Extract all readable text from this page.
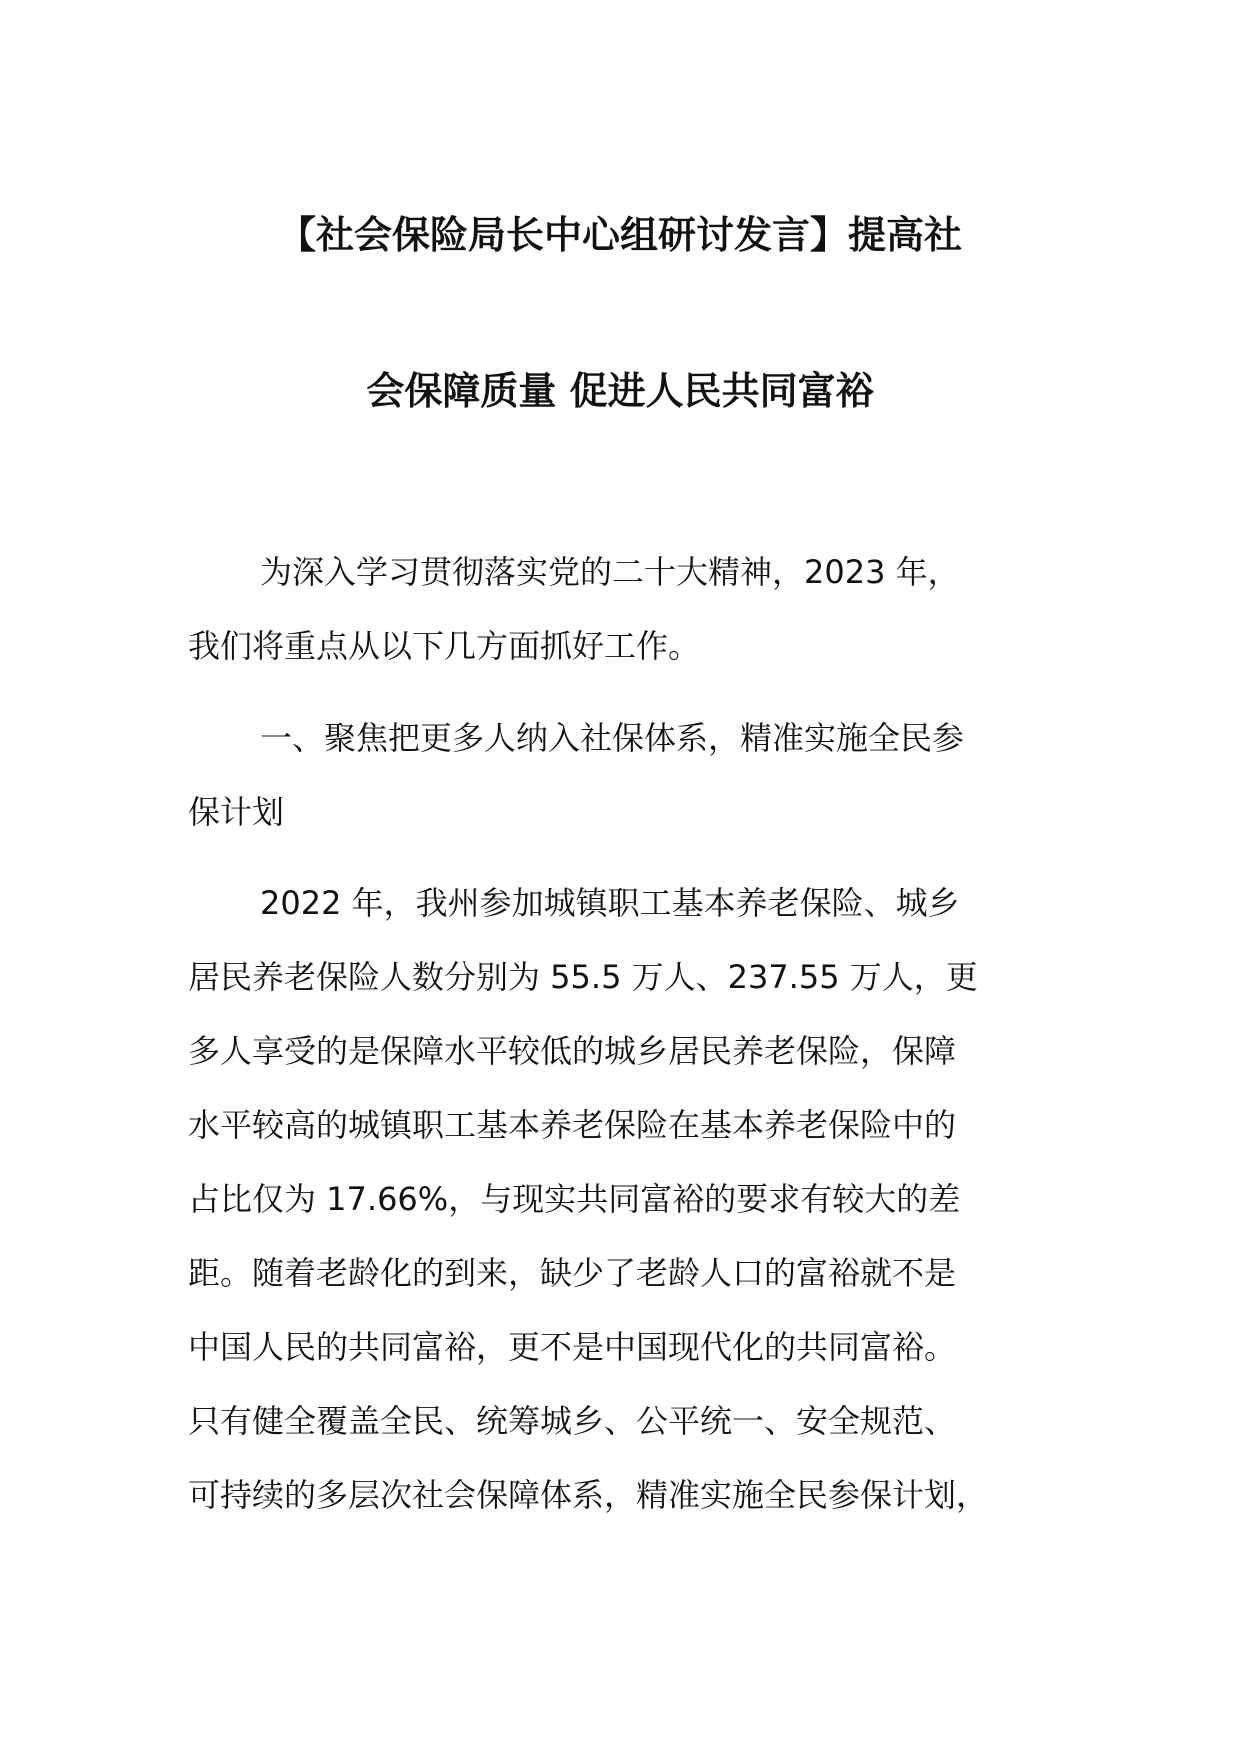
【社会保险局长中心组研讨发言】提高社
会保障质量 促进人民共同富裕
为深入学习贯彻落实党的二十大精神，2023 年，
我们将重点从以下几方面抓好工作。
一、聚焦把更多人纳入社保体系，精准实施全民参
保计划
2022 年，我州参加城镇职工基本养老保险、城乡
居民养老保险人数分别为 55.5 万人、237.55 万人，更
多人享受的是保障水平较低的城乡居民养老保险，保障
水平较高的城镇职工基本养老保险在基本养老保险中的
占比仅为 17.66%，与现实共同富裕的要求有较大的差
距。随着老龄化的到来，缺少了老龄人口的富裕就不是
中国人民的共同富裕，更不是中国现代化的共同富裕。
只有健全覆盖全民、统筹城乡、公平统一、安全规范、
可持续的多层次社会保障体系，精准实施全民参保计划，
